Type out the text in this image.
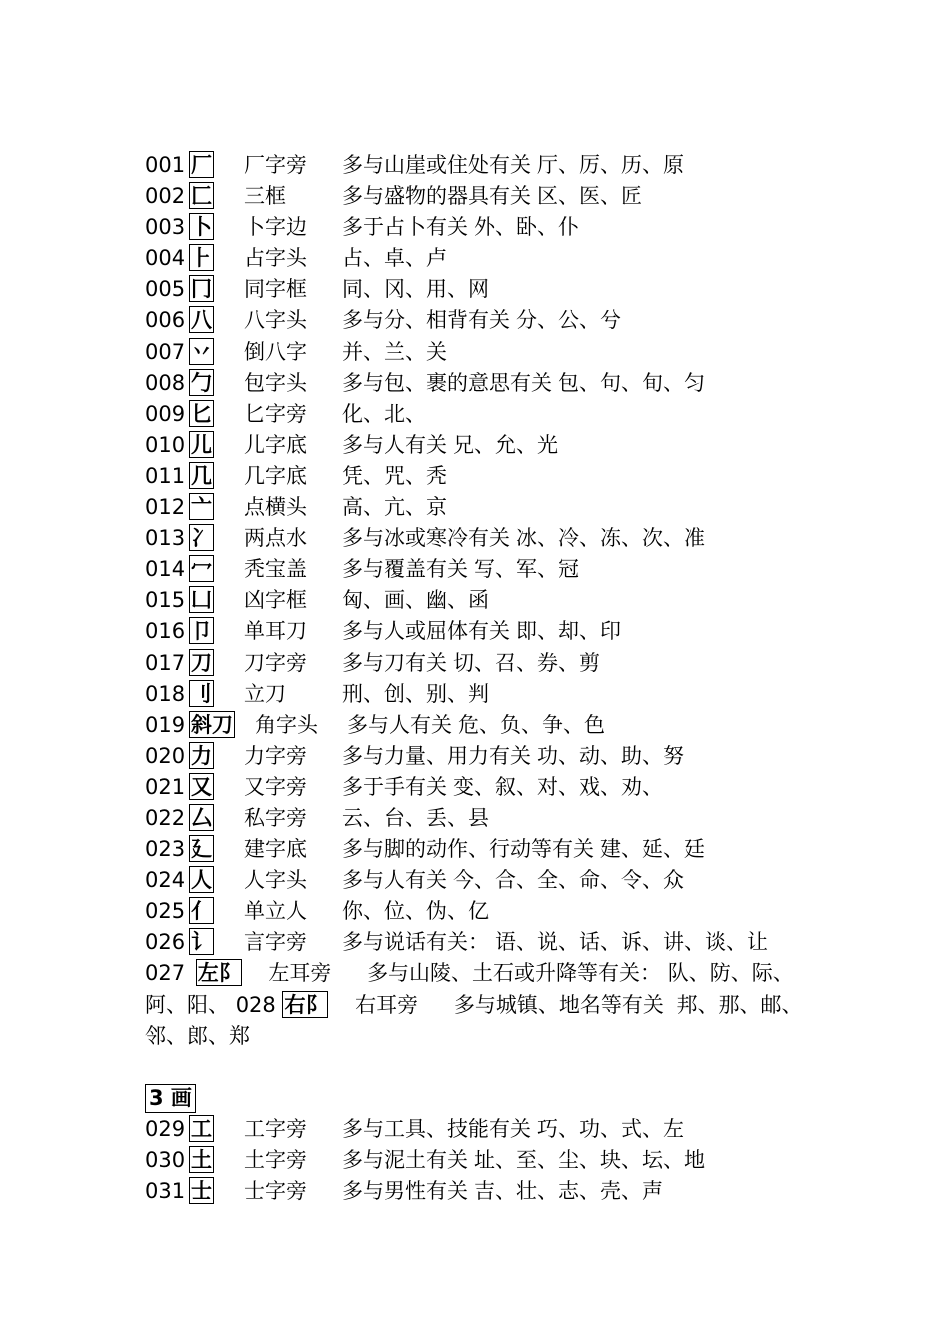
001 厂 厂字旁 多与山崖或住处有关 厅、厉、历、原
002 匚 三框	多与盛物的器具有关 区、医、匠
003 卜 卜字边 多于占卜有关 外、卧、仆
004 ⺊ 占字头 占、卓、卢
005 冂 同字框 同、冈、用、网
006 八 八字头 多与分、相背有关 分、公、兮
007 丷 倒八字 并、兰、关
008 勹 包字头 多与包、裹的意思有关 包、句、旬、匀
009 匕 匕字旁 化、北、
010 儿 儿字底 多与人有关 兄、允、光
011 几 几字底 凭、咒、秃
012 亠 点横头 高、亢、京
013 冫 两点水 多与冰或寒冷有关 冰、冷、冻、次、准
014 冖 秃宝盖 多与覆盖有关 写、军、冠
015 凵 凶字框 匈、画、幽、函
016 卩 单耳刀 多与人或屈体有关 即、却、印
017 刀 刀字旁 多与刀有关 切、召、券、剪
018 刂 立刀	刑、创、别、判
019 斜刀 角字头 多与人有关 危、负、争、色
020 力 力字旁 多与力量、用力有关 功、动、助、努
021 又 又字旁 多于手有关 变、叙、对、戏、劝、
022 厶 私字旁 云、台、丢、县
023 廴 建字底 多与脚的动作、行动等有关 建、延、廷
024 人 人字头 多与人有关 今、合、全、命、令、众
025 亻 单立人 你、位、伪、亿
026 讠 言字旁 多与说话有关： 语、说、话、诉、讲、谈、让
027 左阝 左耳旁 多与山陵、土石或升降等有关： 队、防、际、
阿、阳、 028 右阝 右耳旁 多与城镇、地名等有关 邦、那、邮、
邻、郎、郑
3 画
029 工 工字旁 多与工具、技能有关 巧、功、式、左
030 土 土字旁 多与泥土有关 址、至、尘、块、坛、地
031 士 士字旁 多与男性有关 吉、壮、志、壳、声
